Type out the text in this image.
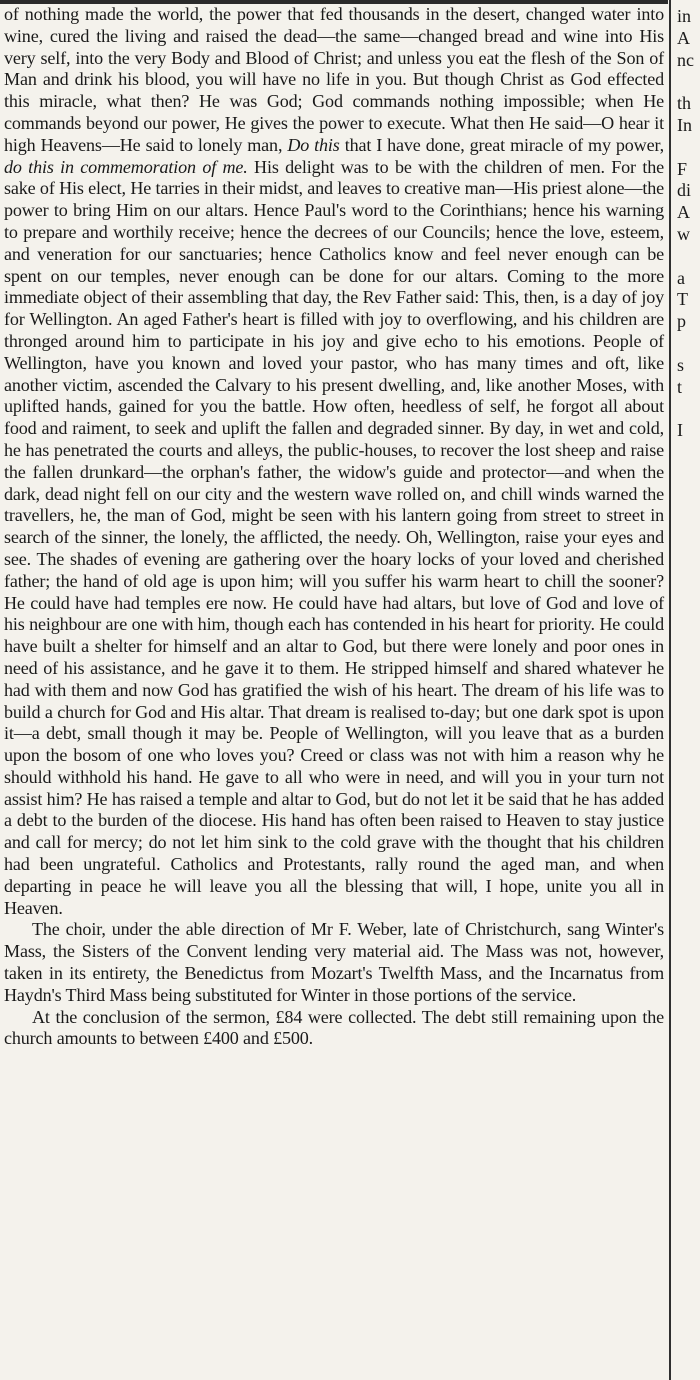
of nothing made the world, the power that fed thousands in the desert, changed water into wine, cured the living and raised the dead—the same—changed bread and wine into His very self, into the very Body and Blood of Christ; and unless you eat the flesh of the Son of Man and drink his blood, you will have no life in you. But though Christ as God effected this miracle, what then? He was God; God commands nothing impossible; when He commands beyond our power, He gives the power to execute. What then He said—O hear it high Heavens—He said to lonely man, Do this that I have done, great miracle of my power, do this in commemoration of me. His delight was to be with the children of men. For the sake of His elect, He tarries in their midst, and leaves to creative man—His priest alone—the power to bring Him on our altars. Hence Paul's word to the Corinthians; hence his warning to prepare and worthily receive; hence the decrees of our Councils; hence the love, esteem, and veneration for our sanctuaries; hence Catholics know and feel never enough can be spent on our temples, never enough can be done for our altars. Coming to the more immediate object of their assembling that day, the Rev Father said: This, then, is a day of joy for Wellington. An aged Father's heart is filled with joy to overflowing, and his children are thronged around him to participate in his joy and give echo to his emotions. People of Wellington, have you known and loved your pastor, who has many times and oft, like another victim, ascended the Calvary to his present dwelling, and, like another Moses, with uplifted hands, gained for you the battle. How often, heedless of self, he forgot all about food and raiment, to seek and uplift the fallen and degraded sinner. By day, in wet and cold, he has penetrated the courts and alleys, the public-houses, to recover the lost sheep and raise the fallen drunkard—the orphan's father, the widow's guide and protector—and when the dark, dead night fell on our city and the western wave rolled on, and chill winds warned the travellers, he, the man of God, might be seen with his lantern going from street to street in search of the sinner, the lonely, the afflicted, the needy. Oh, Wellington, raise your eyes and see. The shades of evening are gathering over the hoary locks of your loved and cherished father; the hand of old age is upon him; will you suffer his warm heart to chill the sooner? He could have had temples ere now. He could have had altars, but love of God and love of his neighbour are one with him, though each has contended in his heart for priority. He could have built a shelter for himself and an altar to God, but there were lonely and poor ones in need of his assistance, and he gave it to them. He stripped himself and shared whatever he had with them and now God has gratified the wish of his heart. The dream of his life was to build a church for God and His altar. That dream is realised to-day; but one dark spot is upon it—a debt, small though it may be. People of Wellington, will you leave that as a burden upon the bosom of one who loves you? Creed or class was not with him a reason why he should withhold his hand. He gave to all who were in need, and will you in your turn not assist him? He has raised a temple and altar to God, but do not let it be said that he has added a debt to the burden of the diocese. His hand has often been raised to Heaven to stay justice and call for mercy; do not let him sink to the cold grave with the thought that his children had been ungrateful. Catholics and Protestants, rally round the aged man, and when departing in peace he will leave you all the blessing that will, I hope, unite you all in Heaven.

The choir, under the able direction of Mr F. Weber, late of Christchurch, sang Winter's Mass, the Sisters of the Convent lending very material aid. The Mass was not, however, taken in its entirety, the Benedictus from Mozart's Twelfth Mass, and the Incarnatus from Haydn's Third Mass being substituted for Winter in those portions of the service.

At the conclusion of the sermon, £84 were collected. The debt still remaining upon the church amounts to between £400 and £500.

in
A
nc
th
In
F
di
A
w
a
T
p
s
t
I
